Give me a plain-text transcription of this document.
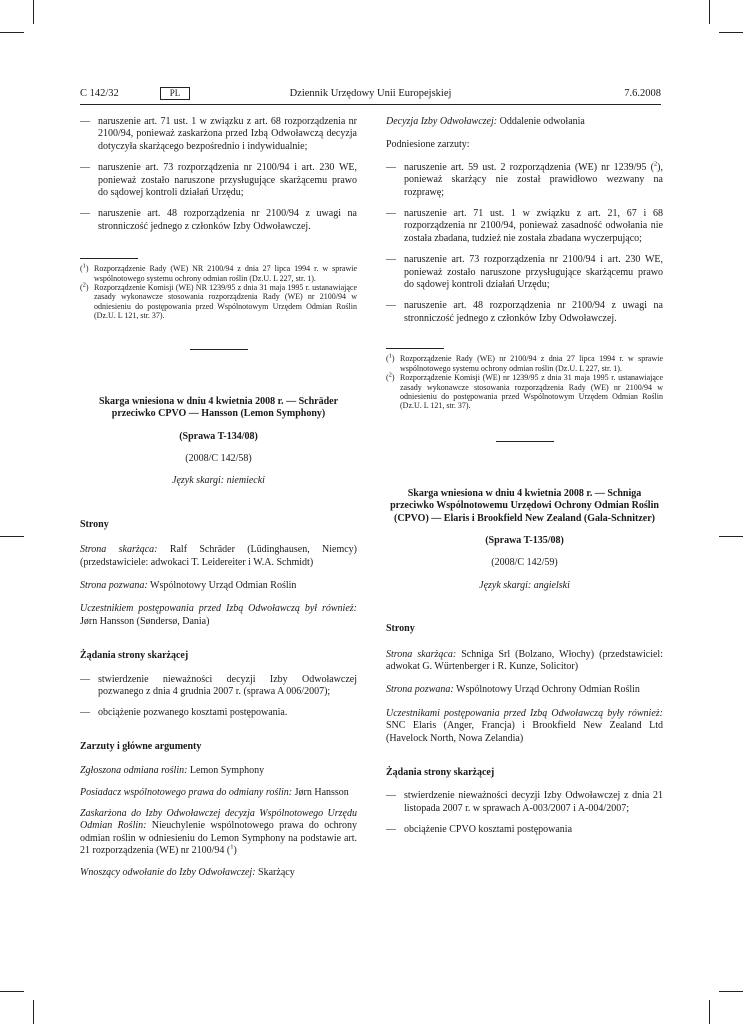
C 142/32	PL	Dziennik Urzędowy Unii Europejskiej	7.6.2008
— naruszenie art. 71 ust. 1 w związku z art. 68 rozporządzenia nr 2100/94, ponieważ zaskarżona przed Izbą Odwoławczą decyzja dotyczyła skarżącego bezpośrednio i indywidualnie;
— naruszenie art. 73 rozporządzenia nr 2100/94 i art. 230 WE, ponieważ zostało naruszone przysługujące skarżącemu prawo do sądowej kontroli działań Urzędu;
— naruszenie art. 48 rozporządzenia nr 2100/94 z uwagi na stronniczość jednego z członków Izby Odwoławczej.
($^1$) Rozporządzenie Rady (WE) NR 2100/94 z dnia 27 lipca 1994 r. w sprawie wspólnotowego systemu ochrony odmian roślin (Dz.U. L 227, str. 1).
($^2$) Rozporządzenie Komisji (WE) NR 1239/95 z dnia 31 maja 1995 r. ustanawiające zasady wykonawcze stosowania rozporządzenia Rady (WE) nr 2100/94 w odniesieniu do postępowania przed Wspólnotowym Urzędem Odmian Roślin (Dz.U. L 121, str. 37).

Skarga wniesiona w dniu 4 kwietnia 2008 r. — Schräder przeciwko CPVO — Hansson (Lemon Symphony)

(Sprawa T-134/08)

(2008/C 142/58)

Język skargi: niemiecki

Strony

Strona skarżąca: Ralf Schräder (Lüdinghausen, Niemcy) (przedstawiciele: adwokaci T. Leidereiter i W.A. Schmidt)

Strona pozwana: Wspólnotowy Urząd Odmian Roślin

Uczestnikiem postępowania przed Izbą Odwoławczą był również: Jørn Hansson (Søndersø, Dania)

Żądania strony skarżącej

— stwierdzenie nieważności decyzji Izby Odwoławczej pozwanego z dnia 4 grudnia 2007 r. (sprawa A 006/2007);
— obciążenie pozwanego kosztami postępowania.

Zarzuty i główne argumenty

Zgłoszona odmiana roślin: Lemon Symphony

Posiadacz wspólnotowego prawa do odmiany roślin: Jørn Hansson

Zaskarżona do Izby Odwoławczej decyzja Wspólnotowego Urzędu Odmian Roślin: Nieuchylenie wspólnotowego prawa do ochrony odmian roślin w odniesieniu do Lemon Symphony na podstawie art. 21 rozporządzenia (WE) nr 2100/94 ($^1$)

Wnoszący odwołanie do Izby Odwoławczej: Skarżący

Decyzja Izby Odwoławczej: Oddalenie odwołania

Podniesione zarzuty:

— naruszenie art. 59 ust. 2 rozporządzenia (WE) nr 1239/95 ($^2$), ponieważ skarżący nie został prawidłowo wezwany na rozprawę;
— naruszenie art. 71 ust. 1 w związku z art. 21, 67 i 68 rozporządzenia nr 2100/94, ponieważ zasadność odwołania nie została zbadana, tudzież nie została zbadana wyczerpująco;
— naruszenie art. 73 rozporządzenia nr 2100/94 i art. 230 WE, ponieważ zostało naruszone przysługujące skarżącemu prawo do sądowej kontroli działań Urzędu;
— naruszenie art. 48 rozporządzenia nr 2100/94 z uwagi na stronniczość jednego z członków Izby Odwoławczej.
($^1$) Rozporządzenie Rady (WE) nr 2100/94 z dnia 27 lipca 1994 r. w sprawie wspólnotowego systemu ochrony odmian roślin (Dz.U. L 227, str. 1).
($^2$) Rozporządzenie Komisji (WE) nr 1239/95 z dnia 31 maja 1995 r. ustanawiające zasady wykonawcze stosowania rozporządzenia Rady (WE) nr 2100/94 w odniesieniu do postępowania przed Wspólnotowym Urzędem Odmian Roślin (Dz.U. L 121, str. 37).

Skarga wniesiona w dniu 4 kwietnia 2008 r. — Schniga przeciwko Wspólnotowemu Urzędowi Ochrony Odmian Roślin (CPVO) — Elaris i Brookfield New Zealand (Gala-Schnitzer)

(Sprawa T-135/08)

(2008/C 142/59)

Język skargi: angielski

Strony

Strona skarżąca: Schniga Srl (Bolzano, Włochy) (przedstawiciel: adwokat G. Würtenberger i R. Kunze, Solicitor)

Strona pozwana: Wspólnotowy Urząd Ochrony Odmian Roślin

Uczestnikami postępowania przed Izbą Odwoławczą były również: SNC Elaris (Anger, Francja) i Brookfield New Zealand Ltd (Havelock North, Nowa Zelandia)

Żądania strony skarżącej

— stwierdzenie nieważności decyzji Izby Odwoławczej z dnia 21 listopada 2007 r. w sprawach A-003/2007 i A-004/2007;
— obciążenie CPVO kosztami postępowania
